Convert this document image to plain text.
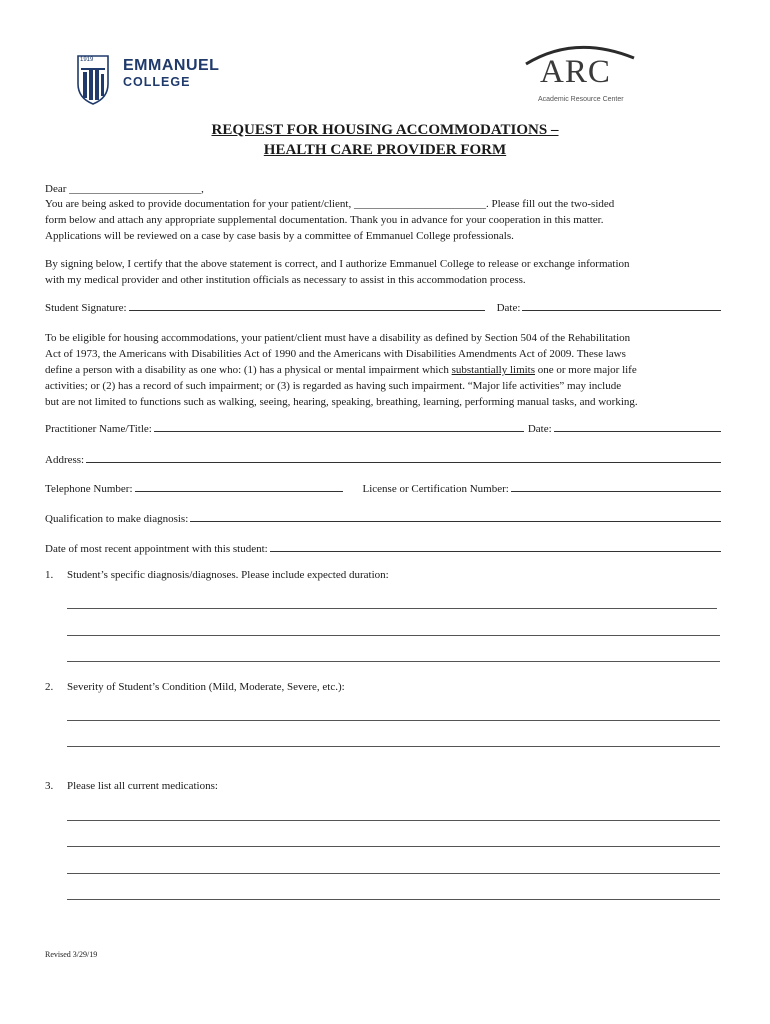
1919 EMMANUEL
COLLEGE	ARC
Academic Resource Center
REQUEST FOR HOUSING ACCOMMODATIONS –
HEALTH CARE PROVIDER FORM
Dear ________________________,
You are being asked to provide documentation for your patient/client, ________________________. Please fill out the two-sided
form below and attach any appropriate supplemental documentation. Thank you in advance for your cooperation in this matter.
Applications will be reviewed on a case by case basis by a committee of Emmanuel College professionals.
By signing below, I certify that the above statement is correct, and I authorize Emmanuel College to release or exchange information
with my medical provider and other institution officials as necessary to assist in this accommodation process.
Student Signature:	Date:
To be eligible for housing accommodations, your patient/client must have a disability as defined by Section 504 of the Rehabilitation
Act of 1973, the Americans with Disabilities Act of 1990 and the Americans with Disabilities Amendments Act of 2009. These laws
define a person with a disability as one who: (1) has a physical or mental impairment which substantially limits one or more major life
activities; or (2) has a record of such impairment; or (3) is regarded as having such impairment. “Major life activities” may include
but are not limited to functions such as walking, seeing, hearing, speaking, breathing, learning, performing manual tasks, and working.
Practitioner Name/Title:	Date:
Address:
Telephone Number:	License or Certification Number:
Qualification to make diagnosis:
Date of most recent appointment with this student:
1. Student’s specific diagnosis/diagnoses. Please include expected duration:
2. Severity of Student’s Condition (Mild, Moderate, Severe, etc.):
3. Please list all current medications:
Revised 3/29/19
